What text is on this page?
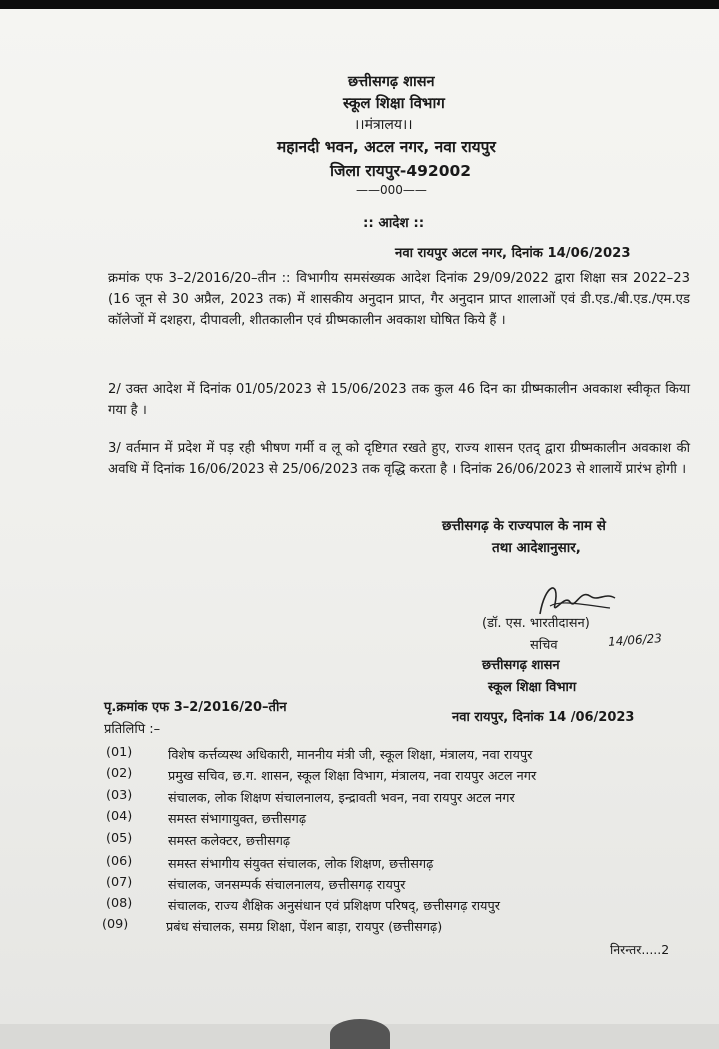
छत्तीसगढ़ शासन
स्कूल शिक्षा विभाग
।।मंत्रालय।।
महानदी भवन, अटल नगर, नवा रायपुर
जिला रायपुर-492002
——000——
:: आदेश ::
नवा रायपुर अटल नगर, दिनांक 14/06/2023
क्रमांक एफ 3–2/2016/20–तीन :: विभागीय समसंख्यक आदेश दिनांक 29/09/2022 द्वारा शिक्षा सत्र 2022–23 (16 जून से 30 अप्रैल, 2023 तक) में शासकीय अनुदान प्राप्त, गैर अनुदान प्राप्त शालाओं एवं डी.एड./बी.एड./एम.एड कॉलेजों में दशहरा, दीपावली, शीतकालीन एवं ग्रीष्मकालीन अवकाश घोषित किये हैं ।
2/ उक्त आदेश में दिनांक 01/05/2023 से 15/06/2023 तक कुल 46 दिन का ग्रीष्मकालीन अवकाश स्वीकृत किया गया है ।
3/ वर्तमान में प्रदेश में पड़ रही भीषण गर्मी व लू को दृष्टिगत रखते हुए, राज्य शासन एतद् द्वारा ग्रीष्मकालीन अवकाश की अवधि में दिनांक 16/06/2023 से 25/06/2023 तक वृद्धि करता है । दिनांक 26/06/2023 से शालायें प्रारंभ होगी ।
छत्तीसगढ़ के राज्यपाल के नाम से
तथा आदेशानुसार,
(डॉ. एस. भारतीदासन)
सचिव	14/06/23
छत्तीसगढ़ शासन
स्कूल शिक्षा विभाग
पृ.क्रमांक एफ 3–2/2016/20–तीन
नवा रायपुर, दिनांक 14 /06/2023
प्रतिलिपि :–
(01)	विशेष कर्त्तव्यस्थ अधिकारी, माननीय मंत्री जी, स्कूल शिक्षा, मंत्रालय, नवा रायपुर
(02)	प्रमुख सचिव, छ.ग. शासन, स्कूल शिक्षा विभाग, मंत्रालय, नवा रायपुर अटल नगर
(03)	संचालक, लोक शिक्षण संचालनालय, इन्द्रावती भवन, नवा रायपुर अटल नगर
(04)	समस्त संभागायुक्त, छत्तीसगढ़
(05)	समस्त कलेक्टर, छत्तीसगढ़
(06)	समस्त संभागीय संयुक्त संचालक, लोक शिक्षण, छत्तीसगढ़
(07)	संचालक, जनसम्पर्क संचालनालय, छत्तीसगढ़ रायपुर
(08)	संचालक, राज्य शैक्षिक अनुसंधान एवं प्रशिक्षण परिषद्, छत्तीसगढ़ रायपुर
(09)	प्रबंध संचालक, समग्र शिक्षा, पेंशन बाड़ा, रायपुर (छत्तीसगढ़)
निरन्तर.....2
